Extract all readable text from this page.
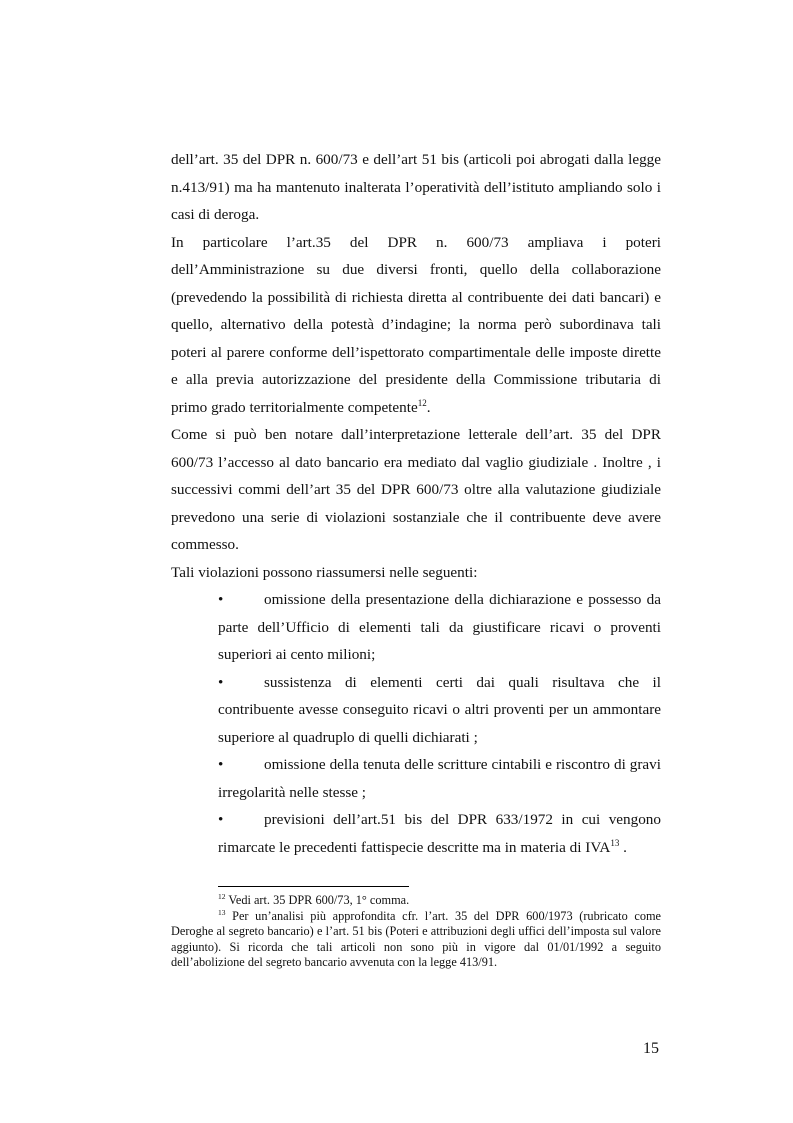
dell’art. 35 del DPR n. 600/73 e dell’art 51 bis (articoli poi abrogati dalla legge n.413/91) ma ha mantenuto inalterata l’operatività dell’istituto ampliando solo i casi di deroga.

In particolare l’art.35 del DPR n. 600/73 ampliava i poteri dell’Amministrazione su due diversi fronti, quello della collaborazione (prevedendo la possibilità di richiesta diretta al contribuente dei dati bancari) e quello, alternativo della potestà d’indagine; la norma però subordinava tali poteri al parere conforme dell’ispettorato compartimentale delle imposte dirette e alla previa autorizzazione del presidente della Commissione tributaria di primo grado territorialmente competente$^{12}$.

Come si può ben notare dall’interpretazione letterale dell’art. 35 del DPR 600/73 l’accesso al dato bancario era mediato dal vaglio giudiziale . Inoltre , i successivi commi dell’art 35 del DPR 600/73 oltre alla valutazione giudiziale prevedono una serie di violazioni sostanziale che il contribuente deve avere commesso.

Tali violazioni possono riassumersi nelle seguenti:

•	omissione della presentazione della dichiarazione e possesso da parte dell’Ufficio di elementi tali da giustificare ricavi o proventi superiori ai cento milioni;
•	sussistenza di elementi certi dai quali risultava che il contribuente avesse conseguito ricavi o altri proventi per un ammontare superiore al quadruplo di quelli dichiarati ;
•	omissione della tenuta delle scritture cintabili e riscontro di gravi irregolarità nelle stesse ;
•	previsioni dell’art.51 bis del DPR 633/1972 in cui vengono rimarcate le precedenti fattispecie descritte ma in materia di IVA$^{13}$ .

$^{12}$ Vedi art. 35 DPR 600/73, 1° comma.

$^{13}$ Per un’analisi più approfondita cfr. l’art. 35 del DPR 600/1973 (rubricato come Deroghe al segreto bancario) e l’art. 51 bis (Poteri e attribuzioni degli uffici dell’imposta sul valore aggiunto). Si ricorda che tali articoli non sono più in vigore dal 01/01/1992 a seguito dell’abolizione del segreto bancario avvenuta con la legge 413/91.

15
